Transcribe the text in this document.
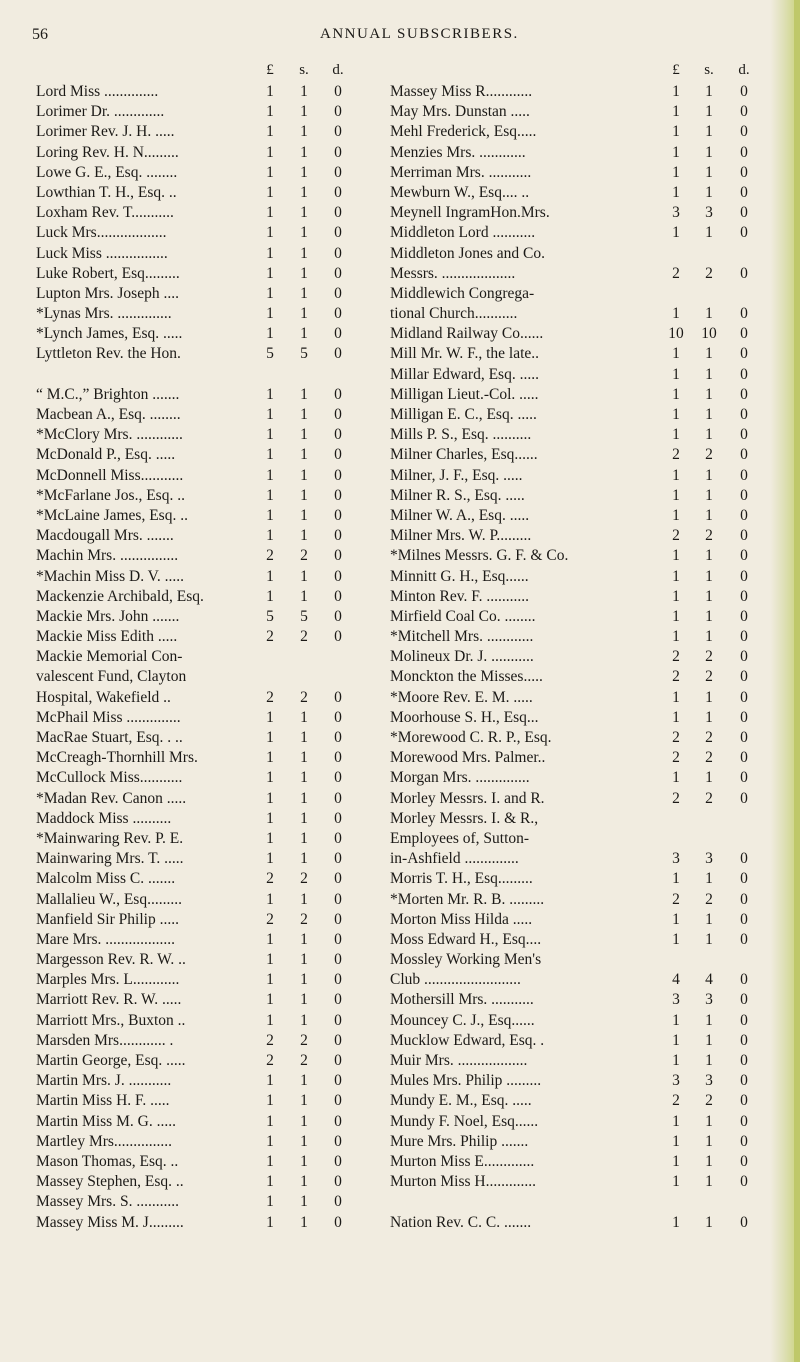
56	ANNUAL SUBSCRIBERS.
£ s. d.
Lord Miss ..............	1 1 0
Lorimer Dr. .............	1 1 0
Lorimer Rev. J. H. .....	1 1 0
Loring Rev. H. N.........	1 1 0
Lowe G. E., Esq. ........	1 1 0
Lowthian T. H., Esq. ..	1 1 0
Loxham Rev. T...........	1 1 0
Luck Mrs..................	1 1 0
Luck Miss ................	1 1 0
Luke Robert, Esq.........	1 1 0
Lupton Mrs. Joseph ....	1 1 0
*Lynas Mrs. ..............	1 1 0
*Lynch James, Esq. .....	1 1 0
Lyttleton Rev. the Hon.	5 5 0
“ M.C.,” Brighton .......	1 1 0
Macbean A., Esq. ........	1 1 0
*McClory Mrs. ............	1 1 0
McDonald P., Esq. .....	1 1 0
McDonnell Miss...........	1 1 0
*McFarlane Jos., Esq. ..	1 1 0
*McLaine James, Esq. ..	1 1 0
Macdougall Mrs. .......	1 1 0
Machin Mrs. ...............	2 2 0
*Machin Miss D. V. .....	1 1 0
Mackenzie Archibald, Esq.	1 1 0
Mackie Mrs. John .......	5 5 0
Mackie Miss Edith .....	2 2 0
Mackie Memorial Con-
valescent Fund, Clayton
Hospital, Wakefield ..	2 2 0
McPhail Miss ..............	1 1 0
MacRae Stuart, Esq. . ..	1 1 0
McCreagh-Thornhill Mrs.	1 1 0
McCullock Miss...........	1 1 0
*Madan Rev. Canon .....	1 1 0
Maddock Miss ..........	1 1 0
*Mainwaring Rev. P. E.	1 1 0
Mainwaring Mrs. T. .....	1 1 0
Malcolm Miss C. .......	2 2 0
Mallalieu W., Esq.........	1 1 0
Manfield Sir Philip .....	2 2 0
Mare Mrs. ..................	1 1 0
Margesson Rev. R. W. ..	1 1 0
Marples Mrs. L............	1 1 0
Marriott Rev. R. W. .....	1 1 0
Marriott Mrs., Buxton ..	1 1 0
Marsden Mrs............ .	2 2 0
Martin George, Esq. .....	2 2 0
Martin Mrs. J. ...........	1 1 0
Martin Miss H. F. .....	1 1 0
Martin Miss M. G. .....	1 1 0
Martley Mrs...............	1 1 0
Mason Thomas, Esq. ..	1 1 0
Massey Stephen, Esq. ..	1 1 0
Massey Mrs. S. ...........	1 1 0
Massey Miss M. J.........	1 1 0
£ s. d.
Massey Miss R............	1 1 0
May Mrs. Dunstan .....	1 1 0
Mehl Frederick, Esq.....	1 1 0
Menzies Mrs. ............	1 1 0
Merriman Mrs. ...........	1 1 0
Mewburn W., Esq.... ..	1 1 0
Meynell IngramHon.Mrs.	3 3 0
Middleton Lord ...........	1 1 0
Middleton Jones and Co.
Messrs. ...................	2 2 0
Middlewich Congrega-
tional Church...........	1 1 0
Midland Railway Co......	10 10 0
Mill Mr. W. F., the late..	1 1 0
Millar Edward, Esq. .....	1 1 0
Milligan Lieut.-Col. .....	1 1 0
Milligan E. C., Esq. .....	1 1 0
Mills P. S., Esq. ..........	1 1 0
Milner Charles, Esq......	2 2 0
Milner, J. F., Esq. .....	1 1 0
Milner R. S., Esq. .....	1 1 0
Milner W. A., Esq. .....	1 1 0
Milner Mrs. W. P.........	2 2 0
*Milnes Messrs. G. F. & Co.	1 1 0
Minnitt G. H., Esq......	1 1 0
Minton Rev. F. ...........	1 1 0
Mirfield Coal Co. ........	1 1 0
*Mitchell Mrs. ............	1 1 0
Molineux Dr. J. ...........	2 2 0
Monckton the Misses.....	2 2 0
*Moore Rev. E. M. .....	1 1 0
Moorhouse S. H., Esq...	1 1 0
*Morewood C. R. P., Esq.	2 2 0
Morewood Mrs. Palmer..	2 2 0
Morgan Mrs. ..............	1 1 0
Morley Messrs. I. and R.	2 2 0
Morley Messrs. I. & R.,
Employees of, Sutton-
in-Ashfield ..............	3 3 0
Morris T. H., Esq.........	1 1 0
*Morten Mr. R. B. .........	2 2 0
Morton Miss Hilda .....	1 1 0
Moss Edward H., Esq....	1 1 0
Mossley Working Men's
Club .........................	4 4 0
Mothersill Mrs. ...........	3 3 0
Mouncey C. J., Esq......	1 1 0
Mucklow Edward, Esq. .	1 1 0
Muir Mrs. ..................	1 1 0
Mules Mrs. Philip .........	3 3 0
Mundy E. M., Esq. .....	2 2 0
Mundy F. Noel, Esq......	1 1 0
Mure Mrs. Philip .......	1 1 0
Murton Miss E.............	1 1 0
Murton Miss H.............	1 1 0
Nation Rev. C. C. .......	1 1 0
